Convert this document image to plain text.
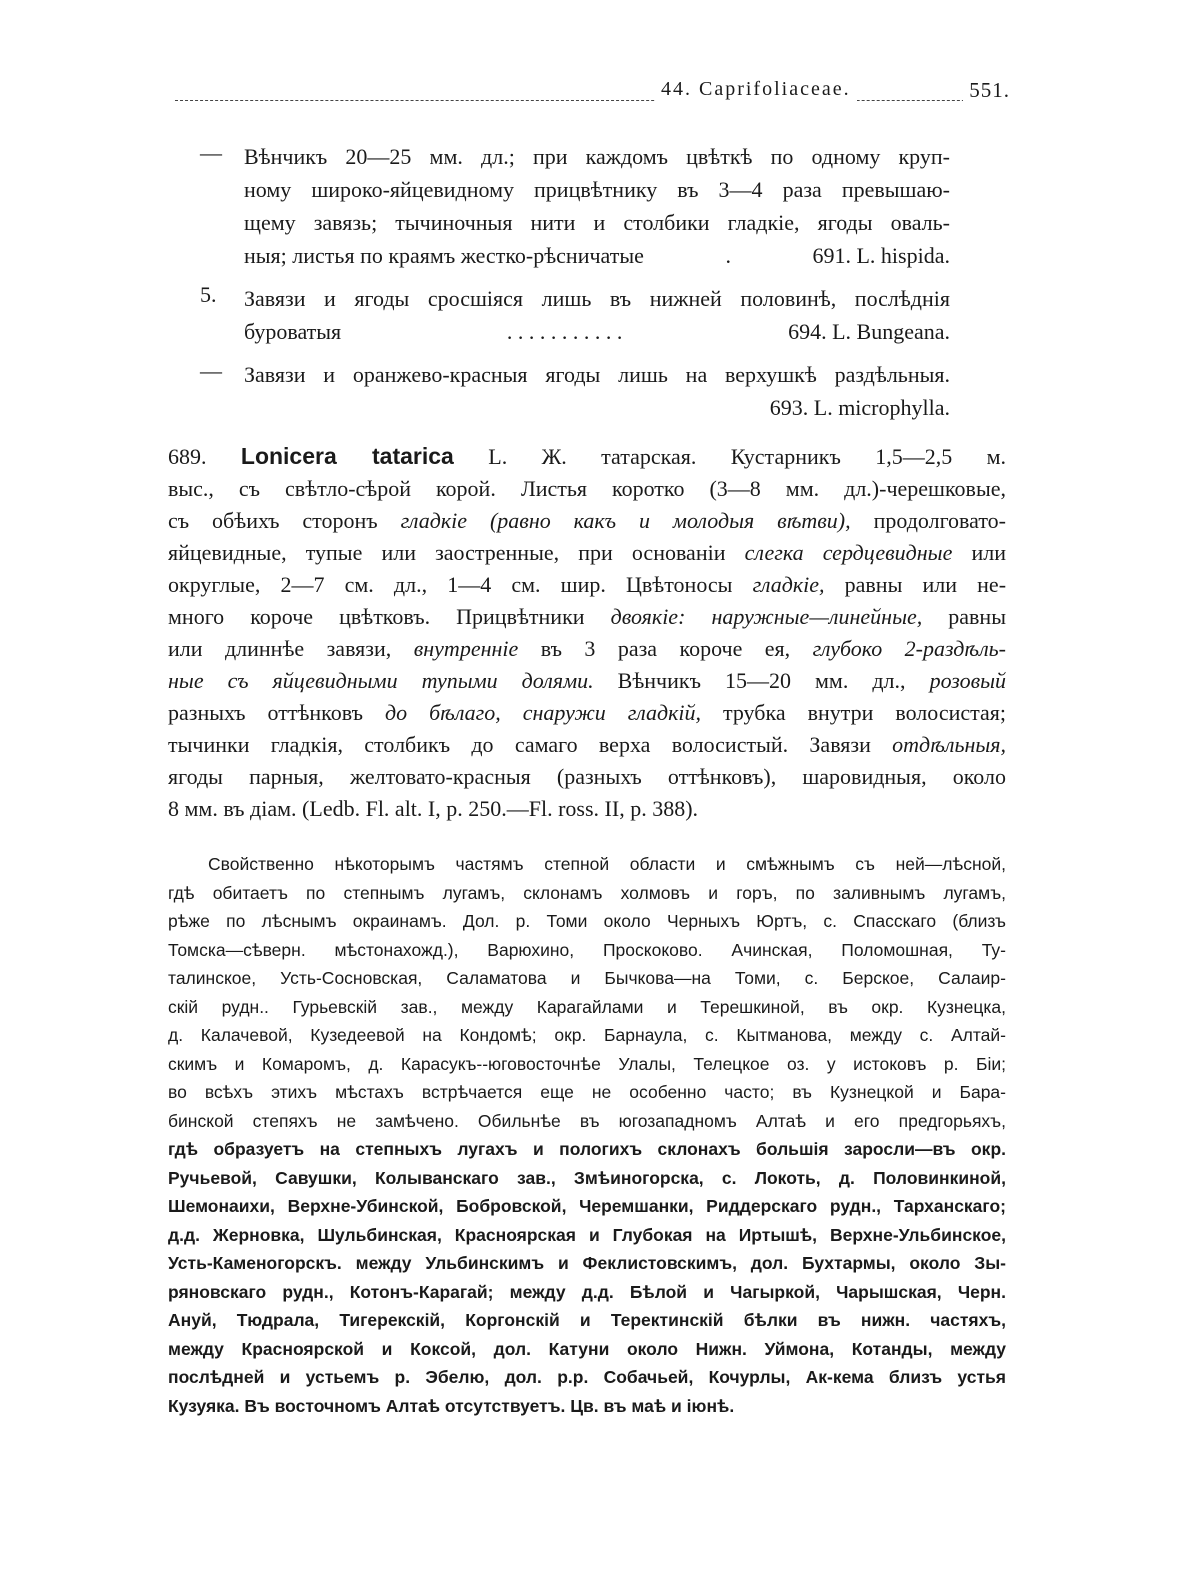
44. Caprifoliaceae.	551.
— Вѣнчикъ 20—25 мм. дл.; при каждомъ цвѣткѣ по одному круп-

ному широко-яйцевидному прицвѣтнику въ 3—4 раза превышаю-

щему завязь; тычиночныя нити и столбики гладкіе, ягоды оваль-

ныя; листья по краямъ жестко-рѣсничатые	.	691. L. hispida.

5. Завязи и ягоды сросшіяся лишь въ нижней половинѣ, послѣднія

буроватыя	. . . . . . . . . . .	694. L. Bungeana.

— Завязи и оранжево-красныя ягоды лишь на верхушкѣ раздѣльныя.

693. L. microphylla.

689. Lonicera tatarica L. Ж. татарская. Кустарникъ 1,5—2,5 м.

выс., съ свѣтло-сѣрой корой. Листья коротко (3—8 мм. дл.)-черешковые,

съ обѣихъ сторонъ гладкіе (равно какъ и молодыя вѣтви), продолговато-

яйцевидные, тупые или заостренные, при основаніи слегка сердцевидные или

округлые, 2—7 см. дл., 1—4 см. шир. Цвѣтоносы гладкіе, равны или не-

много короче цвѣтковъ. Прицвѣтники двоякіе: наружные—линейные, равны

или длиннѣе завязи, внутренніе въ 3 раза короче ея, глубоко 2-раздѣль-

ные съ яйцевидными тупыми долями. Вѣнчикъ 15—20 мм. дл., розовый

разныхъ оттѣнковъ до бѣлаго, снаружи гладкій, трубка внутри волосистая;

тычинки гладкія, столбикъ до самаго верха волосистый. Завязи отдѣльныя,

ягоды парныя, желтовато-красныя (разныхъ оттѣнковъ), шаровидныя, около

8 мм. въ діам. (Ledb. Fl. alt. I, p. 250.—Fl. ross. II, p. 388).

Свойственно нѣкоторымъ частямъ степной области и смѣжнымъ съ ней—лѣсной,

гдѣ обитаетъ по степнымъ лугамъ, склонамъ холмовъ и горъ, по заливнымъ лугамъ,

рѣже по лѣснымъ окраинамъ. Дол. р. Томи около Черныхъ Юртъ, с. Спасскаго (близъ

Томска—сѣверн. мѣстонахожд.), Варюхино, Проскоково. Ачинская, Поломошная, Ту-

талинское, Усть-Сосновская, Саламатова и Бычкова—на Томи, с. Берское, Салаир-

скій рудн.. Гурьевскій зав., между Карагайлами и Терешкиной, въ окр. Кузнецка,

д. Калачевой, Кузедеевой на Кондомѣ; окр. Барнаула, с. Кытманова, между с. Алтай-

скимъ и Комаромъ, д. Карасукъ--юговосточнѣе Улалы, Телецкое оз. у истоковъ р. Біи;

во всѣхъ этихъ мѣстахъ встрѣчается еще не особенно часто; въ Кузнецкой и Бара-

бинской степяхъ не замѣчено. Обильнѣе въ югозападномъ Алтаѣ и его предгорьяхъ,

гдѣ образуетъ на степныхъ лугахъ и пологихъ склонахъ большія заросли—въ окр.

Ручьевой, Савушки, Колыванскаго зав., Змѣиногорска, с. Локоть, д. Половинкиной,

Шемонаихи, Верхне-Убинской, Бобровской, Черемшанки, Риддерскаго рудн., Тарханскаго;

д.д. Жерновка, Шульбинская, Красноярская и Глубокая на Иртышѣ, Верхне-Ульбинское,

Усть-Каменогорскъ. между Ульбинскимъ и Феклистовскимъ, дол. Бухтармы, около Зы-

ряновскаго рудн., Котонъ-Карагай; между д.д. Бѣлой и Чагыркой, Чарышская, Черн.

Ануй, Тюдрала, Тигерекскій, Коргонскій и Теректинскій бѣлки въ нижн. частяхъ,

между Красноярской и Коксой, дол. Катуни около Нижн. Уймона, Котанды, между

послѣдней и устьемъ р. Эбелю, дол. р.р. Собачьей, Кочурлы, Ак-кема близъ устья

Кузуяка. Въ восточномъ Алтаѣ отсутствуетъ. Цв. въ маѣ и іюнѣ.
